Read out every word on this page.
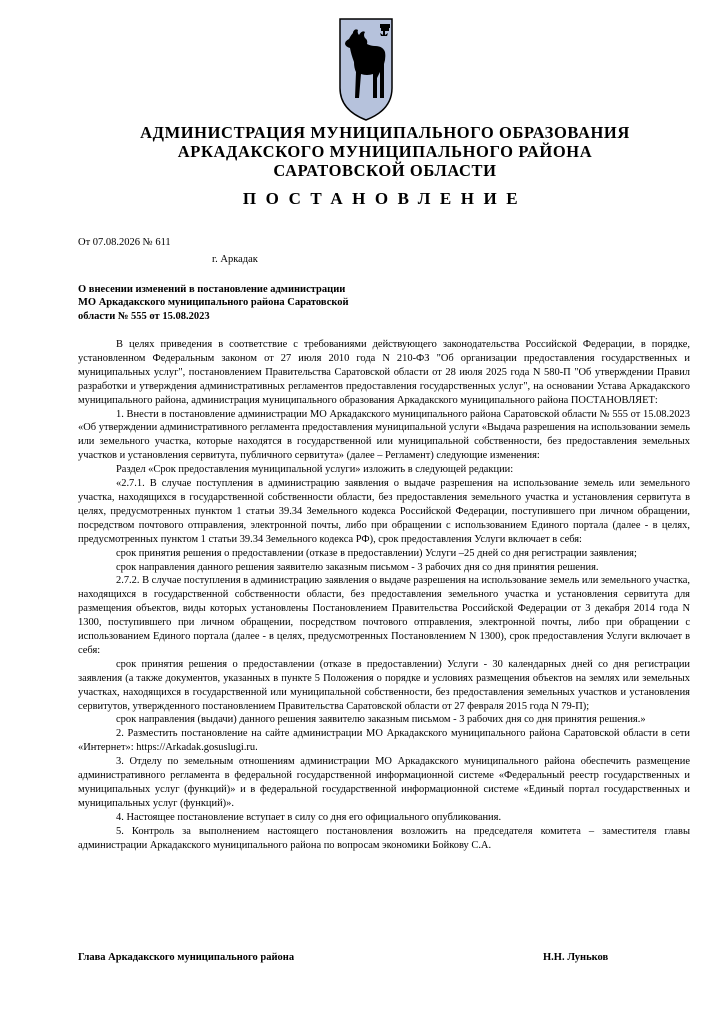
АДМИНИСТРАЦИЯ МУНИЦИПАЛЬНОГО ОБРАЗОВАНИЯ
АРКАДАКСКОГО МУНИЦИПАЛЬНОГО РАЙОНА
САРАТОВСКОЙ ОБЛАСТИ
ПОСТАНОВЛЕНИЕ
От 07.08.2026 № 611
г. Аркадак
О внесении изменений в постановление администрации
МО Аркадакского муниципального района Саратовской
области № 555 от 15.08.2023

В целях приведения в соответствие с требованиями действующего законодательства Российской Федерации, в порядке, установленном Федеральным законом от 27 июля 2010 года N 210-ФЗ "Об организации предоставления государственных и муниципальных услуг", постановлением Правительства Саратовской области от 28 июля 2025 года N 580-П "Об утверждении Правил разработки и утверждения административных регламентов предоставления государственных услуг", на основании Устава Аркадакского муниципального района, администрация муниципального образования Аркадакского муниципального района ПОСТАНОВЛЯЕТ:

1. Внести в постановление администрации МО Аркадакского муниципального района Саратовской области № 555 от 15.08.2023 «Об утверждении административного регламента предоставления муниципальной услуги «Выдача разрешения на использовании земель или земельного участка, которые находятся в государственной или муниципальной собственности, без предоставления земельных участков и установления сервитута, публичного сервитута» (далее – Регламент) следующие изменения:

Раздел «Срок предоставления муниципальной услуги» изложить в следующей редакции:

«2.7.1. В случае поступления в администрацию заявления о выдаче разрешения на использование земель или земельного участка, находящихся в государственной собственности области, без предоставления земельного участка и установления сервитута в целях, предусмотренных пунктом 1 статьи 39.34 Земельного кодекса Российской Федерации, поступившего при личном обращении, посредством почтового отправления, электронной почты, либо при обращении с использованием Единого портала (далее - в целях, предусмотренных пунктом 1 статьи 39.34 Земельного кодекса РФ), срок предоставления Услуги включает в себя:

срок принятия решения о предоставлении (отказе в предоставлении) Услуги –25 дней со дня регистрации заявления;

срок направления данного решения заявителю заказным письмом - 3 рабочих дня со дня принятия решения.

2.7.2. В случае поступления в администрацию заявления о выдаче разрешения на использование земель или земельного участка, находящихся в государственной собственности области, без предоставления земельного участка и установления сервитута для размещения объектов, виды которых установлены Постановлением Правительства Российской Федерации от 3 декабря 2014 года N 1300, поступившего при личном обращении, посредством почтового отправления, электронной почты, либо при обращении с использованием Единого портала (далее - в целях, предусмотренных Постановлением N 1300), срок предоставления Услуги включает в себя:

срок принятия решения о предоставлении (отказе в предоставлении) Услуги - 30 календарных дней со дня регистрации заявления (а также документов, указанных в пункте 5 Положения о порядке и условиях размещения объектов на землях или земельных участках, находящихся в государственной или муниципальной собственности, без предоставления земельных участков и установления сервитутов, утвержденного постановлением Правительства Саратовской области от 27 февраля 2015 года N 79-П);

срок направления (выдачи) данного решения заявителю заказным письмом - 3 рабочих дня со дня принятия решения.»

2. Разместить постановление на сайте администрации МО Аркадакского муниципального района Саратовской области в сети «Интернет»: https://Arkadak.gosuslugi.ru.

3. Отделу по земельным отношениям администрации МО Аркадакского муниципального района обеспечить размещение административного регламента в федеральной государственной информационной системе «Федеральный реестр государственных и муниципальных услуг (функций)» и в федеральной государственной информационной системе «Единый портал государственных и муниципальных услуг (функций)».

4. Настоящее постановление вступает в силу со дня его официального опубликования.

5. Контроль за выполнением настоящего постановления возложить на председателя комитета – заместителя главы администрации Аркадакского муниципального района по вопросам экономики Бойкову С.А.

Глава Аркадакского муниципального района	Н.Н. Луньков
